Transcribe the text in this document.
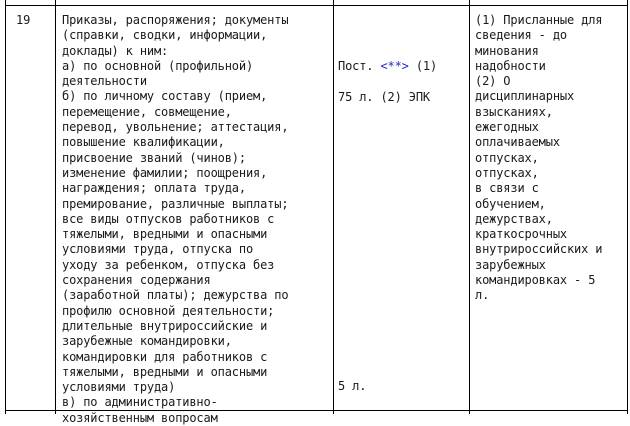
19	Приказы, распоряжения; документы
(справки, сводки, информации,
доклады) к ним:
а) по основной (профильной)
деятельности
б) по личному составу (прием,
перемещение, совмещение,
перевод, увольнение; аттестация,
повышение квалификации,
присвоение званий (чинов);
изменение фамилии; поощрения,
награждения; оплата труда,
премирование, различные выплаты;
все виды отпусков работников с
тяжелыми, вредными и опасными
условиями труда, отпуска по
уходу за ребенком, отпуска без
сохранения содержания
(заработной платы); дежурства по
профилю основной деятельности;
длительные внутрироссийские и
зарубежные командировки,
командировки для работников с
тяжелыми, вредными и опасными
условиями труда)
в) по административно-
хозяйственным вопросам

Пост. <**> (1)

75 л. (2) ЭПК

5 л.

(1) Присланные для
сведения - до
минования
надобности
(2) О
дисциплинарных
взысканиях,
ежегодных
оплачиваемых
отпусках,
отпусках,
в связи с
обучением,
дежурствах,
краткосрочных
внутрироссийских и
зарубежных
командировках - 5
л.
